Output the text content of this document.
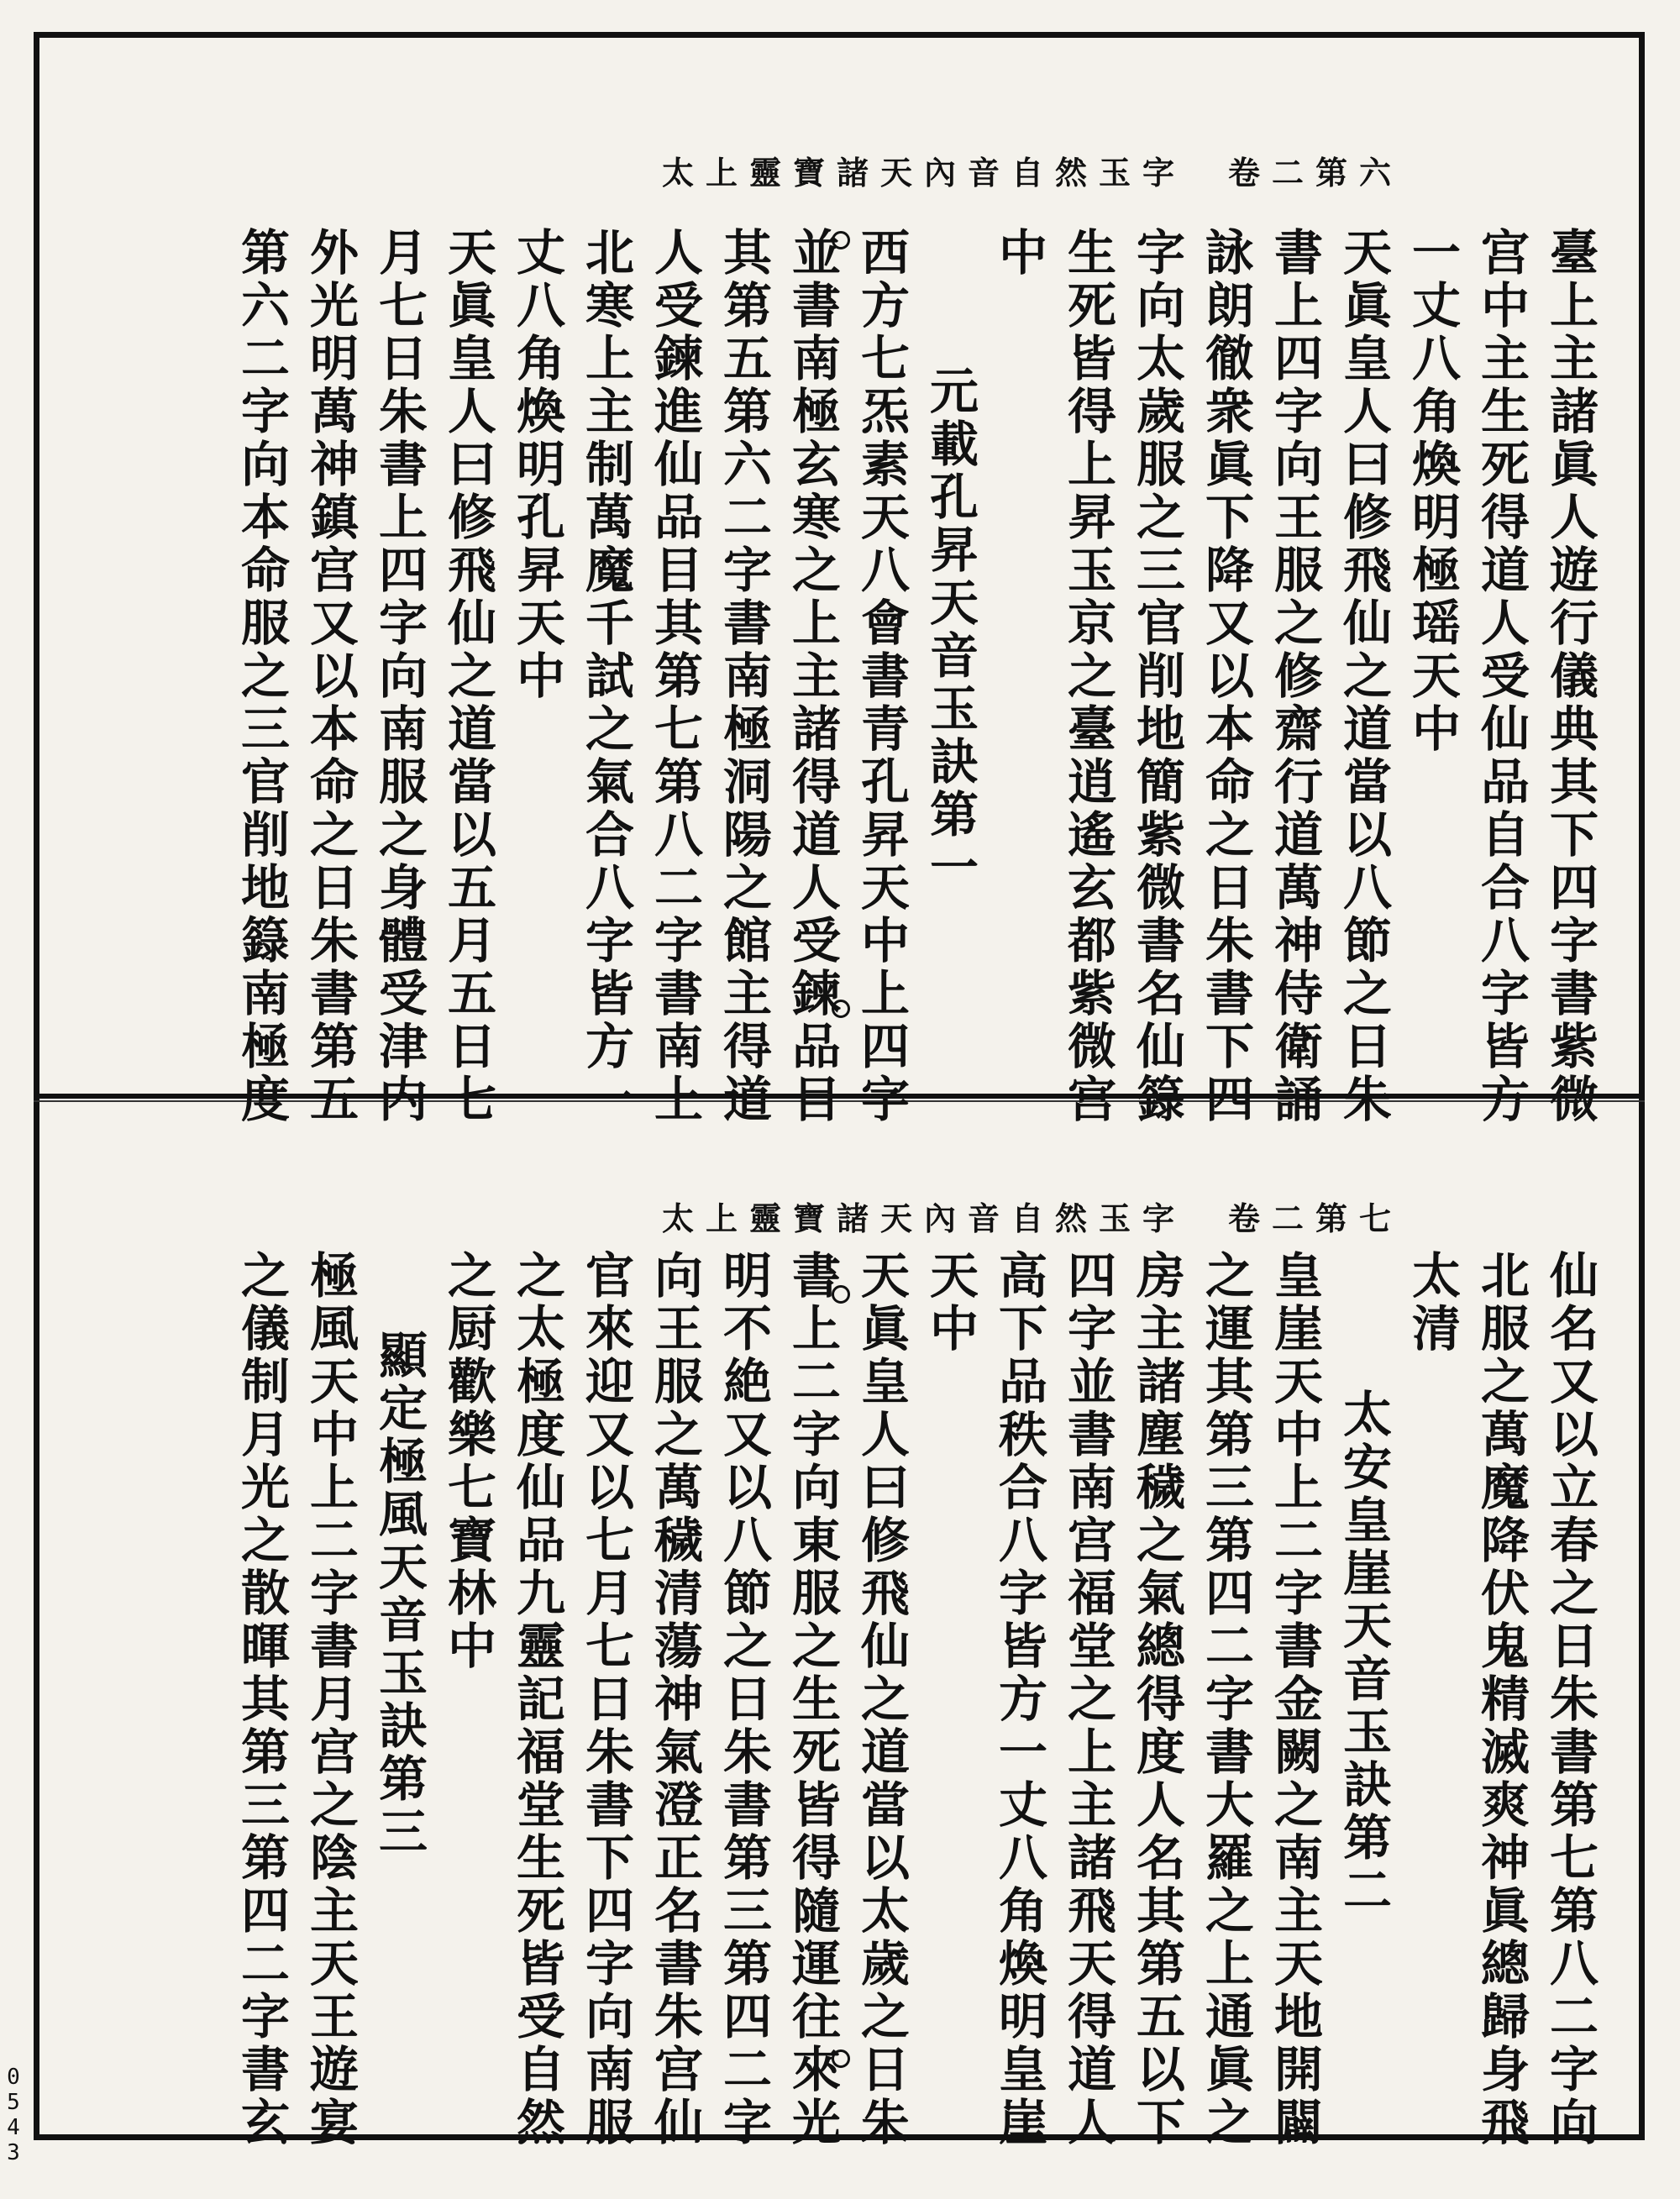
太上靈寶諸天內音自然玉字 卷二第六
臺上主諸眞人遊行儀典其下四字書紫微
宫中主生死得道人受仙品自合八字皆方
一丈八角煥明極瑶天中
天眞皇人曰修飛仙之道當以八節之日朱
書上四字向王服之修齋行道萬神侍衛誦
詠朗徹衆眞下降又以本命之日朱書下四
字向太歲服之三官削地簡紫微書名仙籙
生死皆得上昇玉京之臺逍遙玄都紫微宫
中
元載孔昇天音玉訣第一
西方七炁素天八會書青孔昇天中上四字
並書南極玄寒之上主諸得道人受鍊品目
其第五第六二字書南極洞陽之館主得道
人受鍊進仙品目其第七第八二字書南上
北寒上主制萬魔千試之氣合八字皆方一
丈八角煥明孔昇天中
天眞皇人曰修飛仙之道當以五月五日七
月七日朱書上四字向南服之身體受津内
外光明萬神鎮宫又以本命之日朱書第五
第六二字向本命服之三官削地籙南極度
太上靈寶諸天內音自然玉字 卷二第七
仙名又以立春之日朱書第七第八二字向
北服之萬魔降伏鬼精滅爽神眞總歸身飛
太清
太安皇崖天音玉訣第二
皇崖天中上二字書金闕之南主天地開闢
之運其第三第四二字書大羅之上通眞之
房主諸塵穢之氣總得度人名其第五以下
四字並書南宫福堂之上主諸飛天得道人
高下品秩合八字皆方一丈八角煥明皇崖
天中
天眞皇人曰修飛仙之道當以太歲之日朱
書上二字向東服之生死皆得隨運往來光
明不絶又以八節之日朱書第三第四二字
向王服之萬穢清蕩神氣澄正名書朱宫仙
官來迎又以七月七日朱書下四字向南服
之太極度仙品九靈記福堂生死皆受自然
之厨歡樂七寶林中
顯定極風天音玉訣第三
極風天中上二字書月宫之陰主天王遊宴
之儀制月光之散暉其第三第四二字書玄
0
5
4
3
